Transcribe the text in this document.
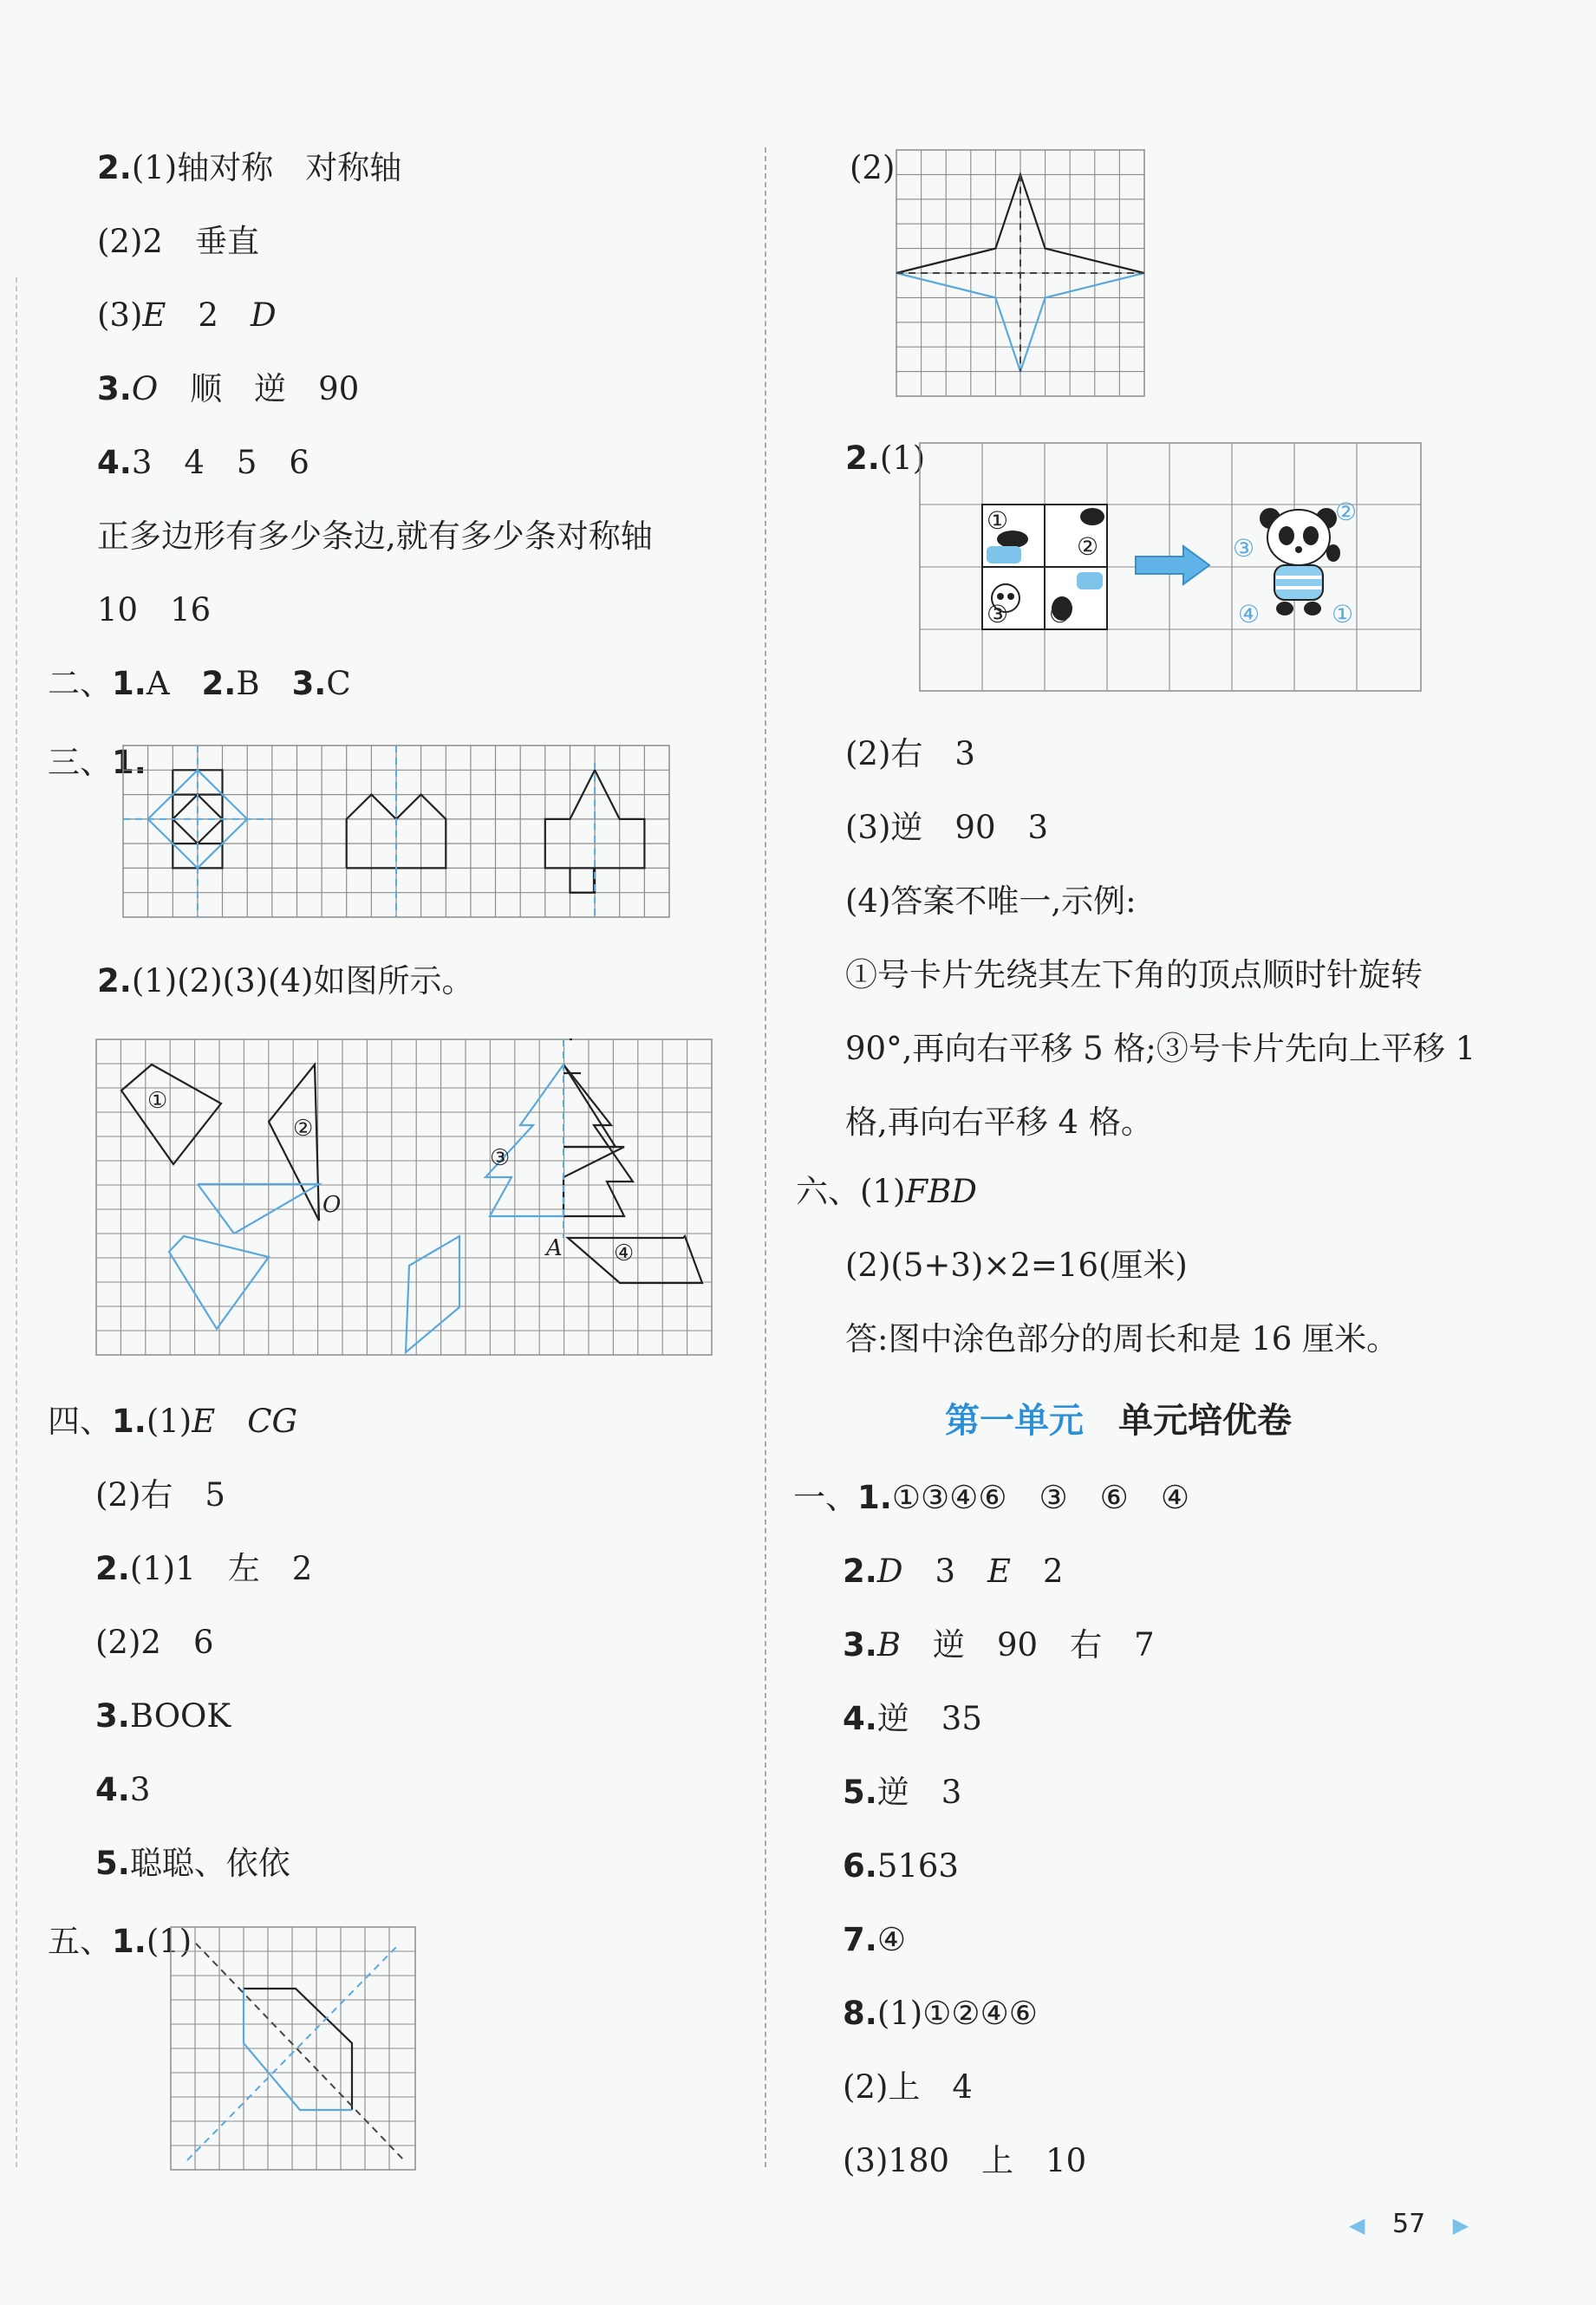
2.(1)轴对称　对称轴
(2)2　垂直
(3)E　2　D
3.O　顺　逆　90
4.3　4　5　6
正多边形有多少条边,就有多少条对称轴
10　16
二、1.A　2.B　3.C
三、1.
2.(1)(2)(3)(4)如图所示。
①
②
③
④
O
A
四、1.(1)E　 CG
(2)右　5
2.(1)1　左　2
(2)2　6
3.BOOK
4.3
5.聪聪、依依
五、1.(1)
(2)
2.(1)
①
②
③ ④
②
③
④	①
(2)右　3
(3)逆　90　3
(4)答案不唯一,示例:
①号卡片先绕其左下角的顶点顺时针旋转
90°,再向右平移 5 格;③号卡片先向上平移 1
格,再向右平移 4 格。
六、(1)FBD
(2)(5+3)×2=16(厘米)
答:图中涂色部分的周长和是 16 厘米。
第一单元　 单元培优卷
一、1.①③④⑥　③　⑥　④
2.D　3　E　2
3.B　逆　90　右　7
4.逆　35
5.逆　3
6.5163
7.④
8.(1)①②④⑥
(2)上　4
(3)180　上　10
◀ 57 ▶
